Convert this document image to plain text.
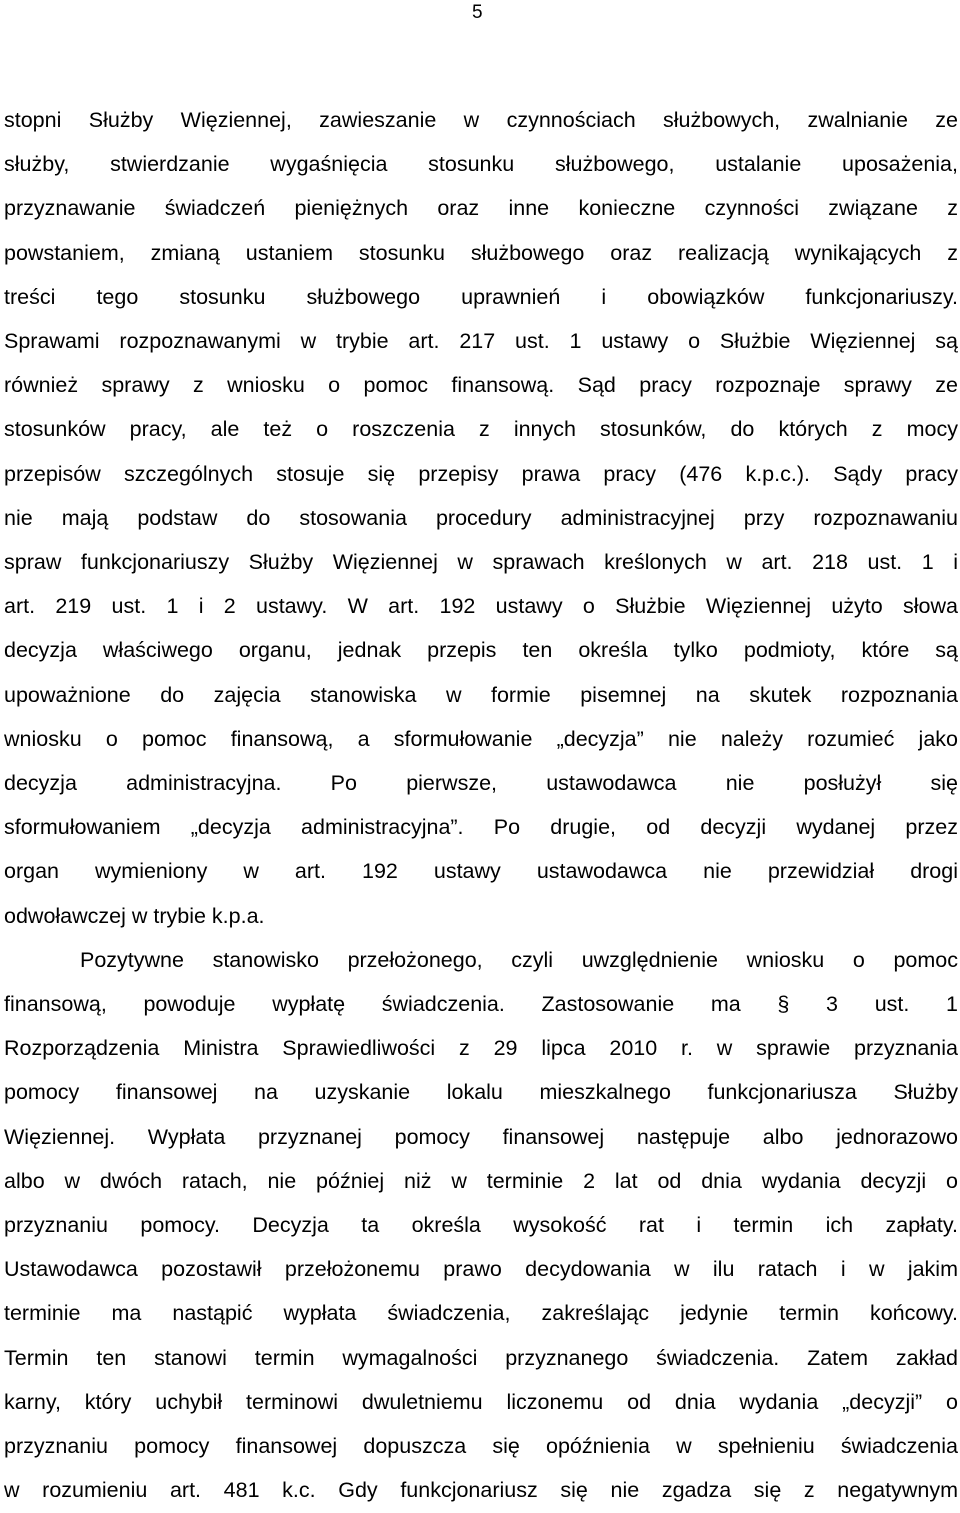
5
stopni Służby Więziennej, zawieszanie w czynnościach służbowych, zwalnianie ze
służby, stwierdzanie wygaśnięcia stosunku służbowego, ustalanie uposażenia,
przyznawanie świadczeń pieniężnych oraz inne konieczne czynności związane z
powstaniem, zmianą ustaniem stosunku służbowego oraz realizacją wynikających z
treści tego stosunku służbowego uprawnień i obowiązków funkcjonariuszy.
Sprawami rozpoznawanymi w trybie art. 217 ust. 1 ustawy o Służbie Więziennej są
również sprawy z wniosku o pomoc finansową. Sąd pracy rozpoznaje sprawy ze
stosunków pracy, ale też o roszczenia z innych stosunków, do których z mocy
przepisów szczególnych stosuje się przepisy prawa pracy (476 k.p.c.). Sądy pracy
nie mają podstaw do stosowania procedury administracyjnej przy rozpoznawaniu
spraw funkcjonariuszy Służby Więziennej w sprawach kreślonych w art. 218 ust. 1 i
art. 219 ust. 1 i 2 ustawy. W art. 192 ustawy o Służbie Więziennej użyto słowa
decyzja właściwego organu, jednak przepis ten określa tylko podmioty, które są
upoważnione do zajęcia stanowiska w formie pisemnej na skutek rozpoznania
wniosku o pomoc finansową, a sformułowanie „decyzja” nie należy rozumieć jako
decyzja administracyjna. Po pierwsze, ustawodawca nie posłużył się
sformułowaniem „decyzja administracyjna”. Po drugie, od decyzji wydanej przez
organ wymieniony w art. 192 ustawy ustawodawca nie przewidział drogi
odwoławczej w trybie k.p.a.
Pozytywne stanowisko przełożonego, czyli uwzględnienie wniosku o pomoc
finansową, powoduje wypłatę świadczenia. Zastosowanie ma § 3 ust. 1
Rozporządzenia Ministra Sprawiedliwości z 29 lipca 2010 r. w sprawie przyznania
pomocy finansowej na uzyskanie lokalu mieszkalnego funkcjonariusza Służby
Więziennej. Wypłata przyznanej pomocy finansowej następuje albo jednorazowo
albo w dwóch ratach, nie później niż w terminie 2 lat od dnia wydania decyzji o
przyznaniu pomocy. Decyzja ta określa wysokość rat i termin ich zapłaty.
Ustawodawca pozostawił przełożonemu prawo decydowania w ilu ratach i w jakim
terminie ma nastąpić wypłata świadczenia, zakreślając jedynie termin końcowy.
Termin ten stanowi termin wymagalności przyznanego świadczenia. Zatem zakład
karny, który uchybił terminowi dwuletniemu liczonemu od dnia wydania „decyzji” o
przyznaniu pomocy finansowej dopuszcza się opóźnienia w spełnieniu świadczenia
w rozumieniu art. 481 k.c. Gdy funkcjonariusz się nie zgadza się z negatywnym
